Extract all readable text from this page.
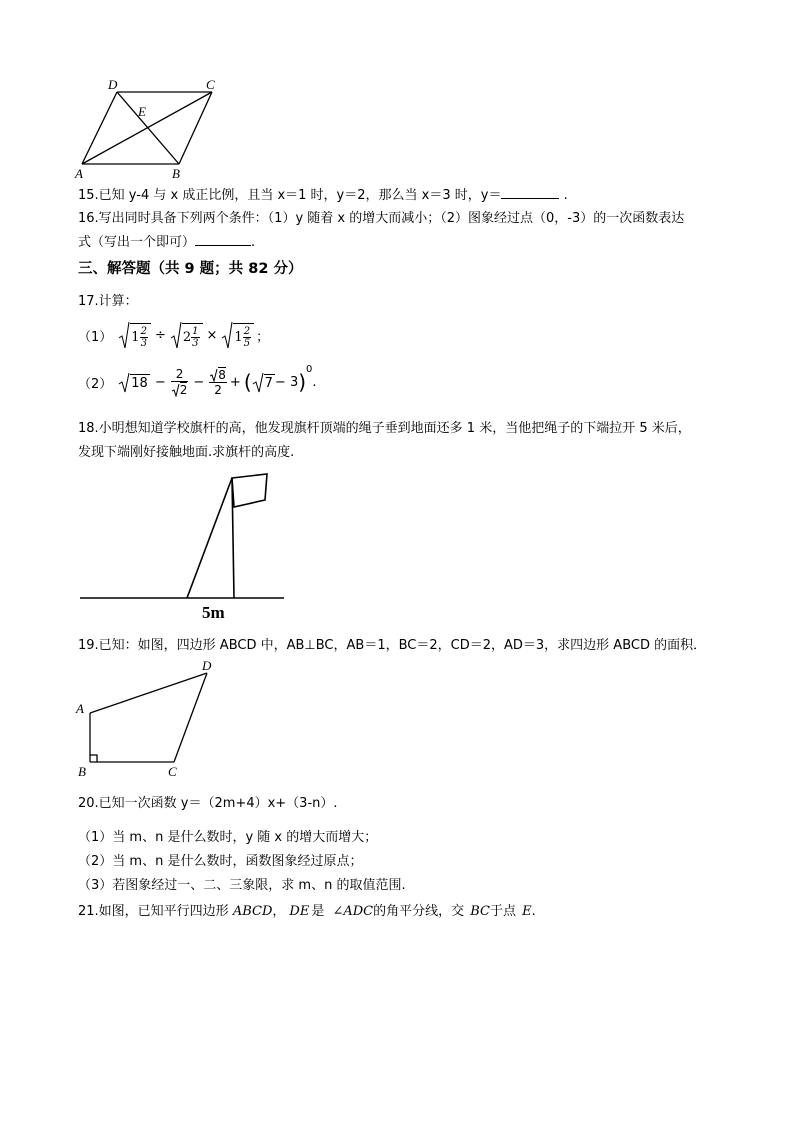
D	C
E
A	B
15.已知 y-4 与 x 成正比例，且当 x＝1 时，y＝2，那么当 x＝3 时，y＝	.
16.写出同时具备下列两个条件：（1）y 随着 x 的增大而减小；（2）图象经过点（0，-3）的一次函数表达
式（写出一个即可）	.
三、解答题（共 9 题；共 82 分）
17.计算：
（1） $1 \frac{2}{3} \div 2 \frac{1}{3} \times 1 \frac{2}{5}$ ；
（2） $18 - \frac{2}{2} - \frac{8}{2}$ + ( 7 − 3 )
$^0$
.
18.小明想知道学校旗杆的高，他发现旗杆顶端的绳子垂到地面还多 1 米，当他把绳子的下端拉开 5 米后，
发现下端刚好接触地面.求旗杆的高度.
5m
19.已知：如图，四边形 ABCD 中，AB⊥BC，AB＝1，BC＝2，CD＝2，AD＝3，求四边形 ABCD 的面积．
D
A
B	C
20.已知一次函数 y＝（2m+4）x+（3-n）.
（1）当 m、n 是什么数时，y 随 x 的增大而增大；
（2）当 m、n 是什么数时，函数图象经过原点；
（3）若图象经过一、二、三象限，求 m、n 的取值范围.
21.如图，已知平行四边形 ABCD， DE 是 ∠ADC的角平分线，交 BC于点 E.
